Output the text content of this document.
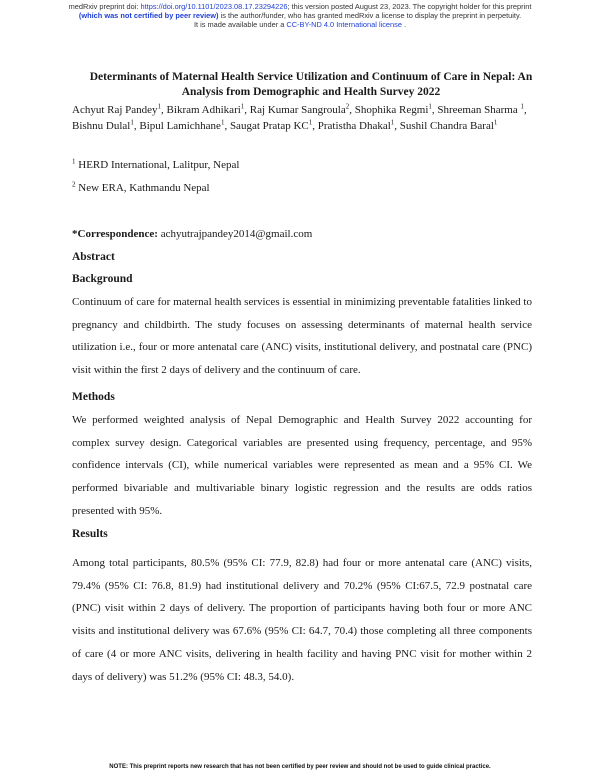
medRxiv preprint doi: https://doi.org/10.1101/2023.08.17.23294226; this version posted August 23, 2023. The copyright holder for this preprint
(which was not certified by peer review) is the author/funder, who has granted medRxiv a license to display the preprint in perpetuity.
It is made available under a CC-BY-ND 4.0 International license .
Determinants of Maternal Health Service Utilization and Continuum of Care in Nepal: An Analysis from Demographic and Health Survey 2022
Achyut Raj Pandey$^1$, Bikram Adhikari$^1$, Raj Kumar Sangroula$^2$, Shophika Regmi$^1$, Shreeman Sharma $^1$, Bishnu Dulal$^1$, Bipul Lamichhane$^1$, Saugat Pratap $KC^1$, Pratistha Dhakal$^1$, Sushil Chandra Baral$^1$
$^1$ HERD International, Lalitpur, Nepal
$^2$ New ERA, Kathmandu Nepal
*Correspondence: achyutrajpandey2014@gmail.com
Abstract
Background
Continuum of care for maternal health services is essential in minimizing preventable fatalities linked to pregnancy and childbirth. The study focuses on assessing determinants of maternal health service utilization i.e., four or more antenatal care (ANC) visits, institutional delivery, and postnatal care (PNC) visit within the first 2 days of delivery and the continuum of care.
Methods
We performed weighted analysis of Nepal Demographic and Health Survey 2022 accounting for complex survey design. Categorical variables are presented using frequency, percentage, and 95% confidence intervals (CI), while numerical variables were represented as mean and a 95% CI. We performed bivariable and multivariable binary logistic regression and the results are odds ratios presented with 95%.
Results
Among total participants, 80.5% (95% CI: 77.9, 82.8) had four or more antenatal care (ANC) visits, 79.4% (95% CI: 76.8, 81.9) had institutional delivery and 70.2% (95% CI:67.5, 72.9 postnatal care (PNC) visit within 2 days of delivery. The proportion of participants having both four or more ANC visits and institutional delivery was 67.6% (95% CI: 64.7, 70.4) those completing all three components of care (4 or more ANC visits, delivering in health facility and having PNC visit for mother within 2 days of delivery) was 51.2% (95% CI: 48.3, 54.0).
NOTE: This preprint reports new research that has not been certified by peer review and should not be used to guide clinical practice.
